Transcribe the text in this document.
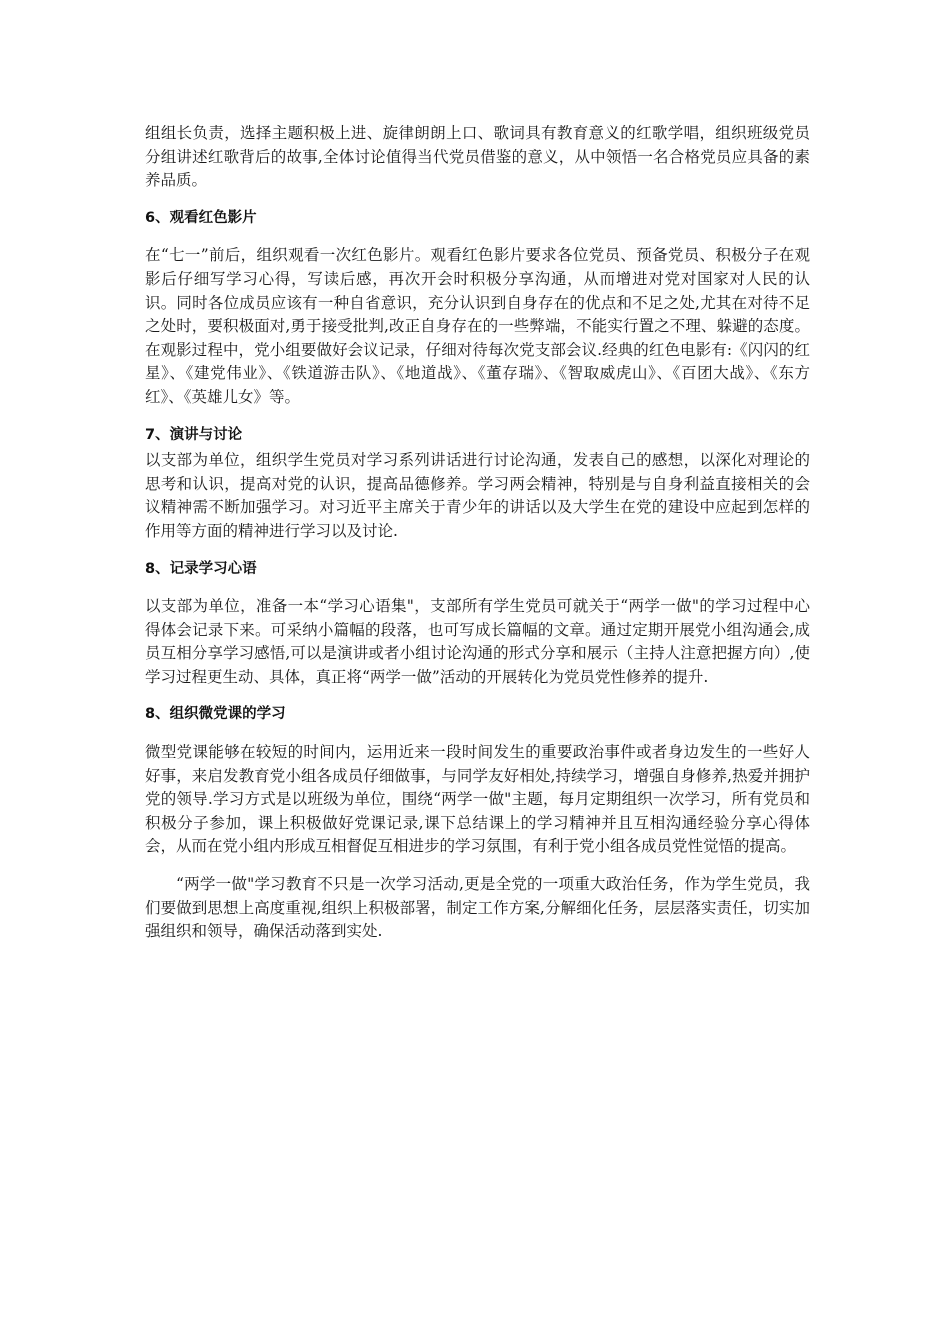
组组长负责，选择主题积极上进、旋律朗朗上口、歌词具有教育意义的红歌学唱，组织班级党员分组讲述红歌背后的故事,全体讨论值得当代党员借鉴的意义，从中领悟一名合格党员应具备的素养品质。

6、观看红色影片

在“七一”前后，组织观看一次红色影片。观看红色影片要求各位党员、预备党员、积极分子在观影后仔细写学习心得，写读后感，再次开会时积极分享沟通，从而增进对党对国家对人民的认识。同时各位成员应该有一种自省意识，充分认识到自身存在的优点和不足之处,尤其在对待不足之处时，要积极面对,勇于接受批判,改正自身存在的一些弊端，不能实行置之不理、躲避的态度。在观影过程中，党小组要做好会议记录，仔细对待每次党支部会议.经典的红色电影有:《闪闪的红星》、《建党伟业》、《铁道游击队》、《地道战》、《董存瑞》、《智取威虎山》、《百团大战》、《东方红》、《英雄儿女》等。

7、演讲与讨论

以支部为单位，组织学生党员对学习系列讲话进行讨论沟通，发表自己的感想，以深化对理论的思考和认识，提高对党的认识，提高品德修养。学习两会精神，特别是与自身利益直接相关的会议精神需不断加强学习。对习近平主席关于青少年的讲话以及大学生在党的建设中应起到怎样的作用等方面的精神进行学习以及讨论.

8、记录学习心语

以支部为单位，准备一本“学习心语集"，支部所有学生党员可就关于“两学一做"的学习过程中心得体会记录下来。可采纳小篇幅的段落，也可写成长篇幅的文章。通过定期开展党小组沟通会,成员互相分享学习感悟,可以是演讲或者小组讨论沟通的形式分享和展示（主持人注意把握方向）,使学习过程更生动、具体，真正将“两学一做”活动的开展转化为党员党性修养的提升.

8、组织微党课的学习

微型党课能够在较短的时间内，运用近来一段时间发生的重要政治事件或者身边发生的一些好人好事，来启发教育党小组各成员仔细做事，与同学友好相处,持续学习，增强自身修养,热爱并拥护党的领导.学习方式是以班级为单位，围绕“两学一做"主题，每月定期组织一次学习，所有党员和积极分子参加，课上积极做好党课记录,课下总结课上的学习精神并且互相沟通经验分享心得体会，从而在党小组内形成互相督促互相进步的学习氛围，有利于党小组各成员党性觉悟的提高。

“两学一做"学习教育不只是一次学习活动,更是全党的一项重大政治任务，作为学生党员，我们要做到思想上高度重视,组织上积极部署，制定工作方案,分解细化任务，层层落实责任，切实加强组织和领导，确保活动落到实处.
